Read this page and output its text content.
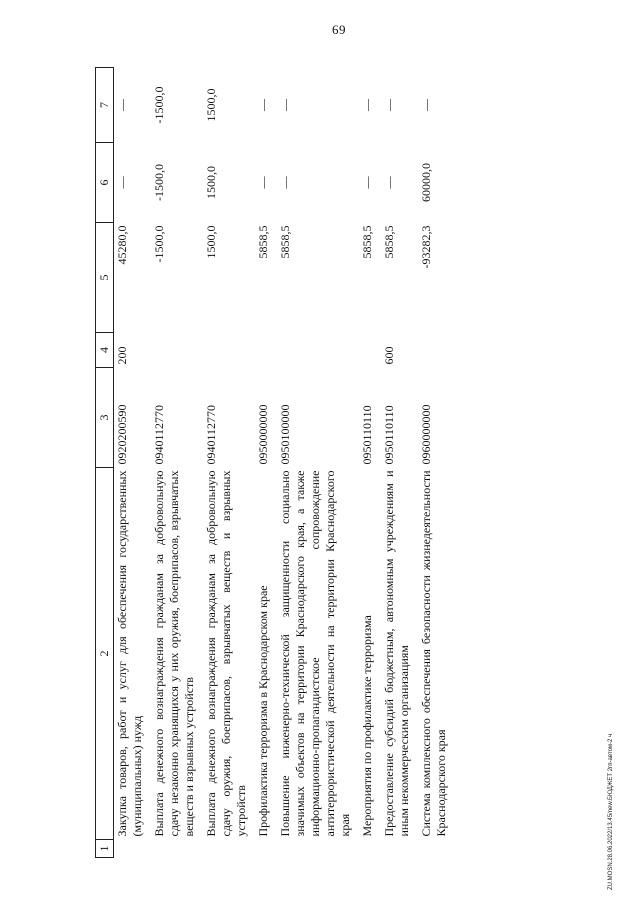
69
ZU.MOSN.28.06.2022/13.45/new.БЮДЖЕТ 2гп-автом-2 ч
1	2	3	4	5	6	7
	Закупка товаров, работ и услуг для обеспечения государственных (муниципальных) нужд	0920200590	200	45280,0	—	—
	Выплата денежного вознаграждения гражданам за добровольную сдачу незаконно хранящихся у них оружия, боеприпасов, взрывчатых веществ и взрывных устройств	0940112770		-1500,0	-1500,0	-1500,0
	Выплата денежного вознаграждения гражданам за добровольную сдачу оружия, боеприпасов, взрывчатых веществ и взрывных устройств	0940112770		1500,0	1500,0	1500,0
	Профилактика терроризма в Краснодарском крае	0950000000		5858,5	—	—
	Повышение инженерно-технической защищенности социально значимых объектов на территории Краснодарского края, а также информационно-пропагандистское сопровождение антитеррористической деятельности на территории Краснодарского края	0950100000		5858,5	—	—
	Мероприятия по профилактике терроризма	0950110110		5858,5	—	—
	Предоставление субсидий бюджетным, автономным учреждениям и иным некоммерческим организациям	0950110110	600	5858,5	—	—
	Система комплексного обеспечения безопасности жизнедеятельности Краснодарского края	0960000000		-93282,3	60000,0	—
